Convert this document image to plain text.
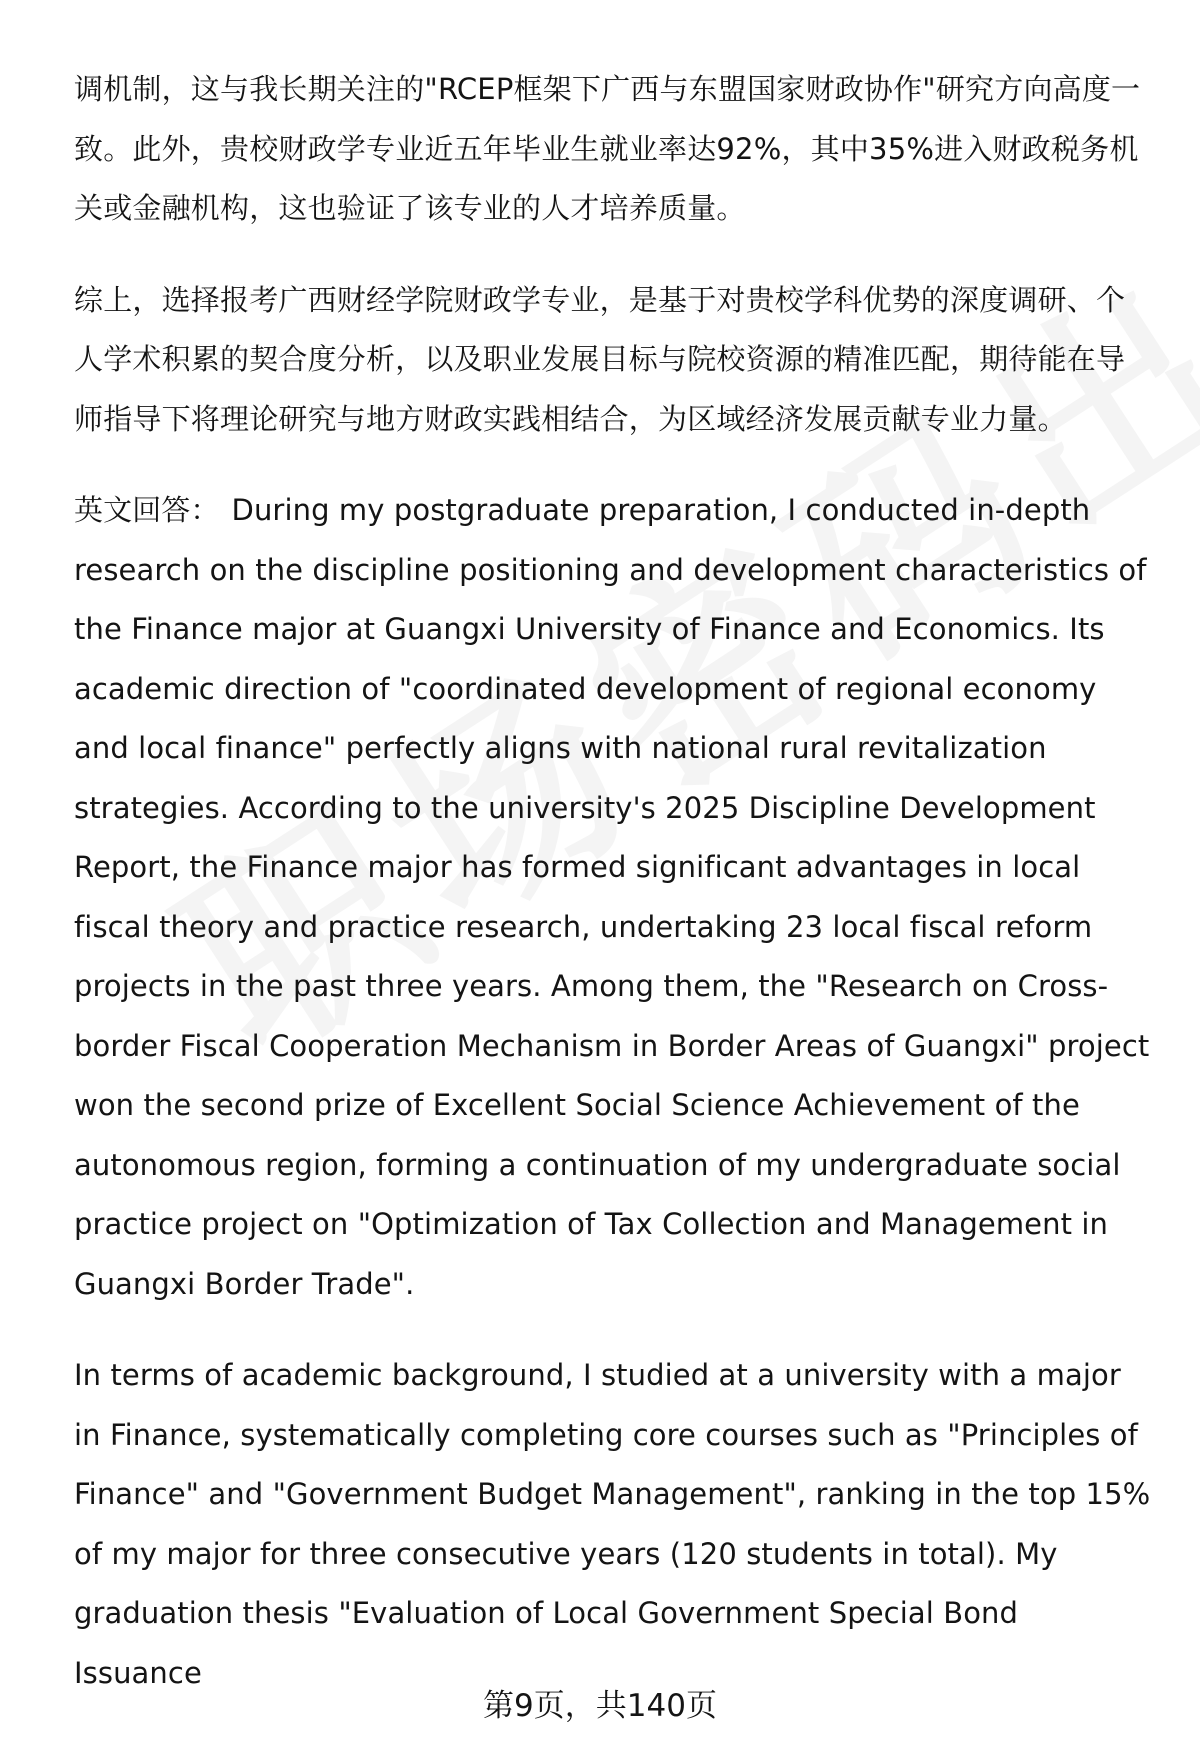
调机制，这与我长期关注的"RCEP框架下广西与东盟国家财政协作"研究方向高度一致。此外，贵校财政学专业近五年毕业生就业率达92%，其中35%进入财政税务机关或金融机构，这也验证了该专业的人才培养质量。

综上，选择报考广西财经学院财政学专业，是基于对贵校学科优势的深度调研、个人学术积累的契合度分析，以及职业发展目标与院校资源的精准匹配，期待能在导师指导下将理论研究与地方财政实践相结合，为区域经济发展贡献专业力量。

英文回答： During my postgraduate preparation, I conducted in-depth research on the discipline positioning and development characteristics of the Finance major at Guangxi University of Finance and Economics. Its academic direction of "coordinated development of regional economy and local finance" perfectly aligns with national rural revitalization strategies. According to the university's 2025 Discipline Development Report, the Finance major has formed significant advantages in local fiscal theory and practice research, undertaking 23 local fiscal reform projects in the past three years. Among them, the "Research on Cross-border Fiscal Cooperation Mechanism in Border Areas of Guangxi" project won the second prize of Excellent Social Science Achievement of the autonomous region, forming a continuation of my undergraduate social practice project on "Optimization of Tax Collection and Management in Guangxi Border Trade".

In terms of academic background, I studied at a university with a major in Finance, systematically completing core courses such as "Principles of Finance" and "Government Budget Management", ranking in the top 15% of my major for three consecutive years (120 students in total). My graduation thesis "Evaluation of Local Government Special Bond Issuance

第9页，共140页
